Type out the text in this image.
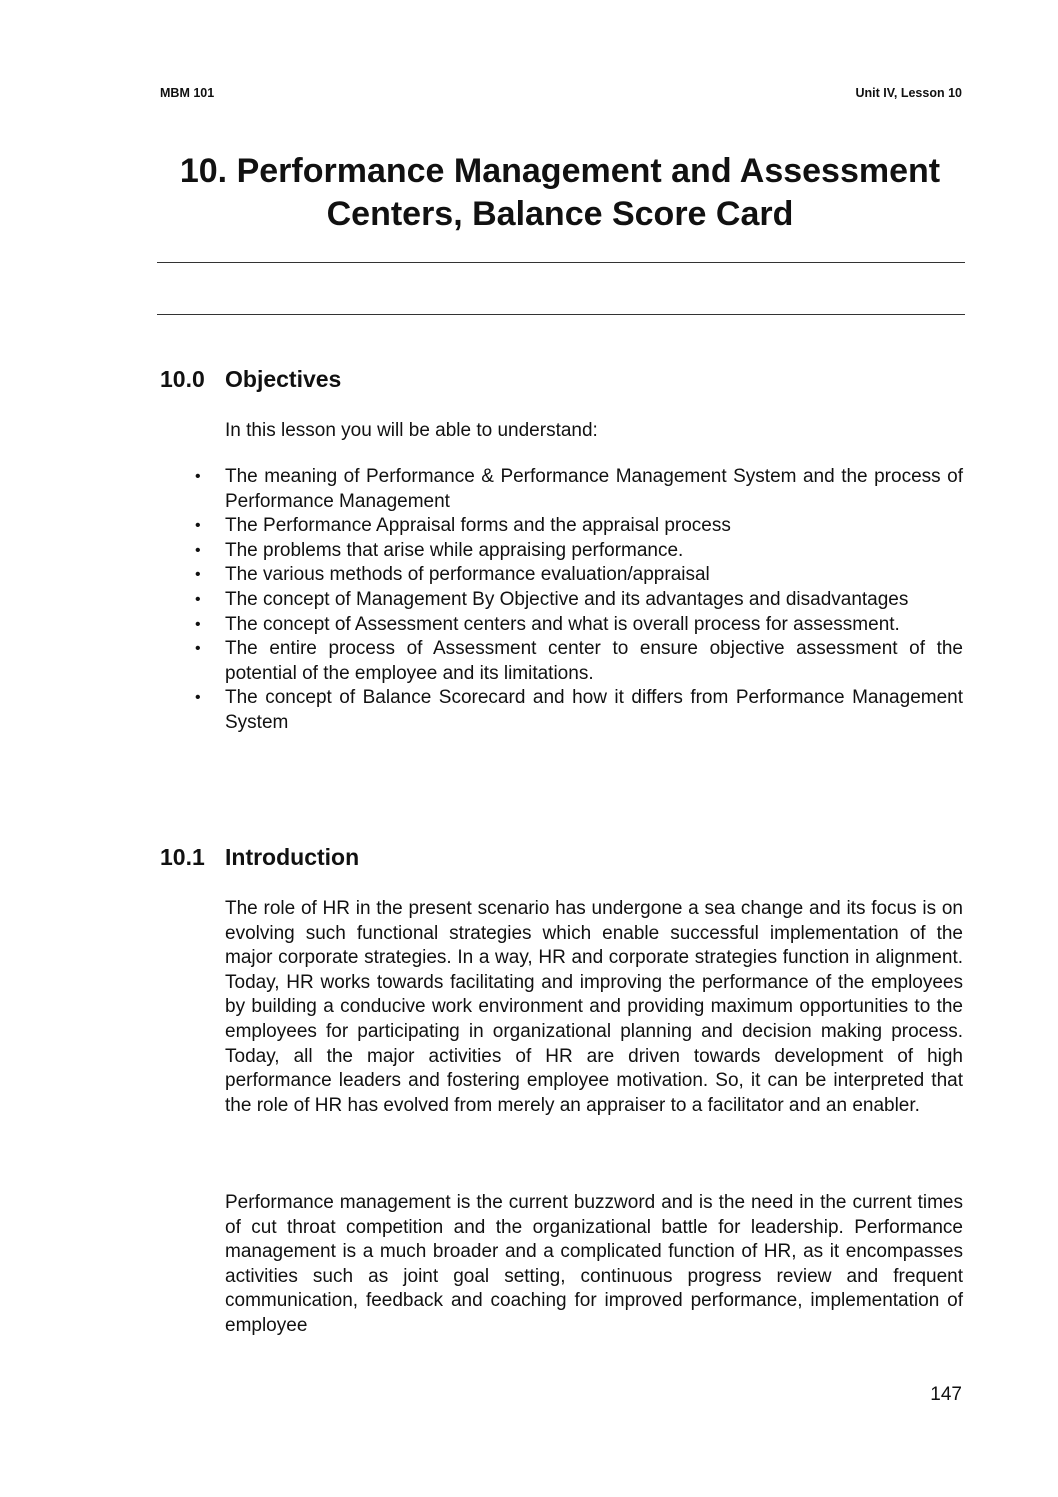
MBM 101	Unit IV, Lesson 10
10. Performance Management and Assessment
Centers, Balance Score Card
10.0 Objectives

In this lesson you will be able to understand:

• The meaning of Performance & Performance Management System and the process of Performance Management
• The Performance Appraisal forms and the appraisal process
• The problems that arise while appraising performance.
• The various methods of performance evaluation/appraisal
• The concept of Management By Objective and its advantages and disadvantages
• The concept of Assessment centers and what is overall process for assessment.
• The entire process of Assessment center to ensure objective assessment of the potential of the employee and its limitations.
• The concept of Balance Scorecard and how it differs from Performance Management System
10.1 Introduction

The role of HR in the present scenario has undergone a sea change and its focus is on evolving such functional strategies which enable successful implementation of the major corporate strategies. In a way, HR and corporate strategies function in alignment. Today, HR works towards facilitating and improving the performance of the employees by building a conducive work environment and providing maximum opportunities to the employees for participating in organizational planning and decision making process. Today, all the major activities of HR are driven towards development of high performance leaders and fostering employee motivation. So, it can be interpreted that the role of HR has evolved from merely an appraiser to a facilitator and an enabler.

Performance management is the current buzzword and is the need in the current times of cut throat competition and the organizational battle for leadership. Performance management is a much broader and a complicated function of HR, as it encompasses activities such as joint goal setting, continuous progress review and frequent communication, feedback and coaching for improved performance, implementation of employee

147
